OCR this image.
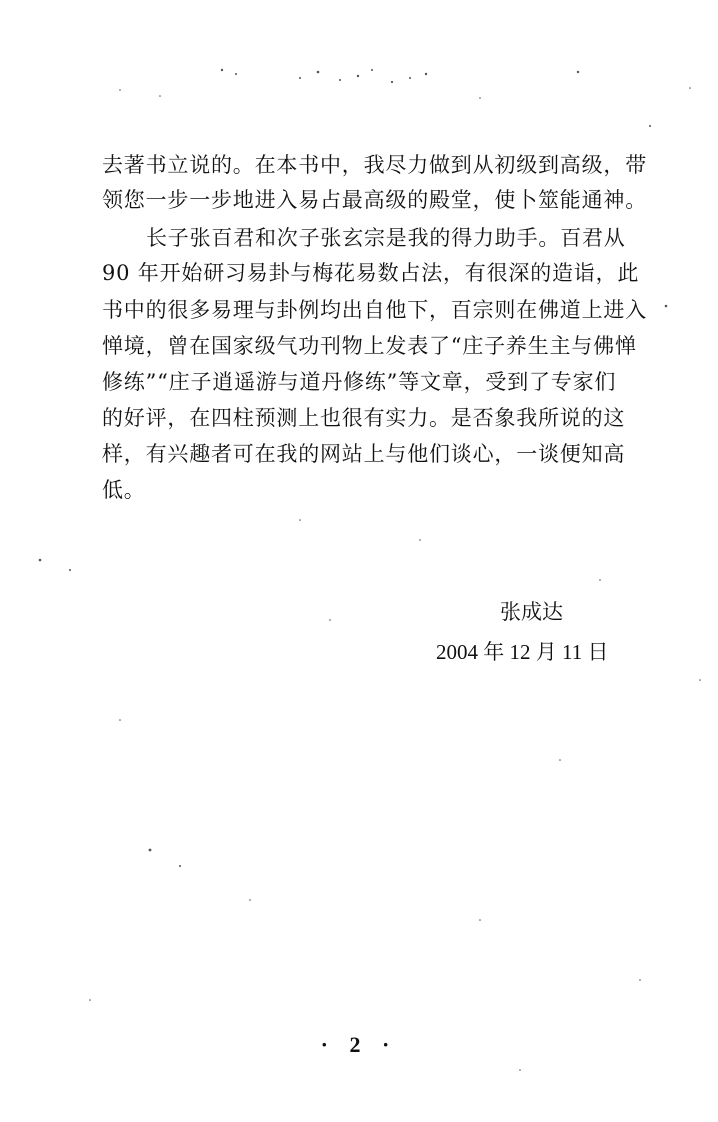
去著书立说的。在本书中，我尽力做到从初级到高级，带
领您一步一步地进入易占最高级的殿堂，使卜筮能通神。
长子张百君和次子张玄宗是我的得力助手。百君从
90 年开始研习易卦与梅花易数占法，有很深的造诣，此
书中的很多易理与卦例均出自他下，百宗则在佛道上进入
惮境，曾在国家级气功刊物上发表了“庄子养生主与佛惮
修练”“庄子逍遥游与道丹修练”等文章，受到了专家们
的好评，在四柱预测上也很有实力。是否象我所说的这
样，有兴趣者可在我的网站上与他们谈心，一谈便知高
低。
张成达
2004 年 12 月 11 日
· 2 ·
